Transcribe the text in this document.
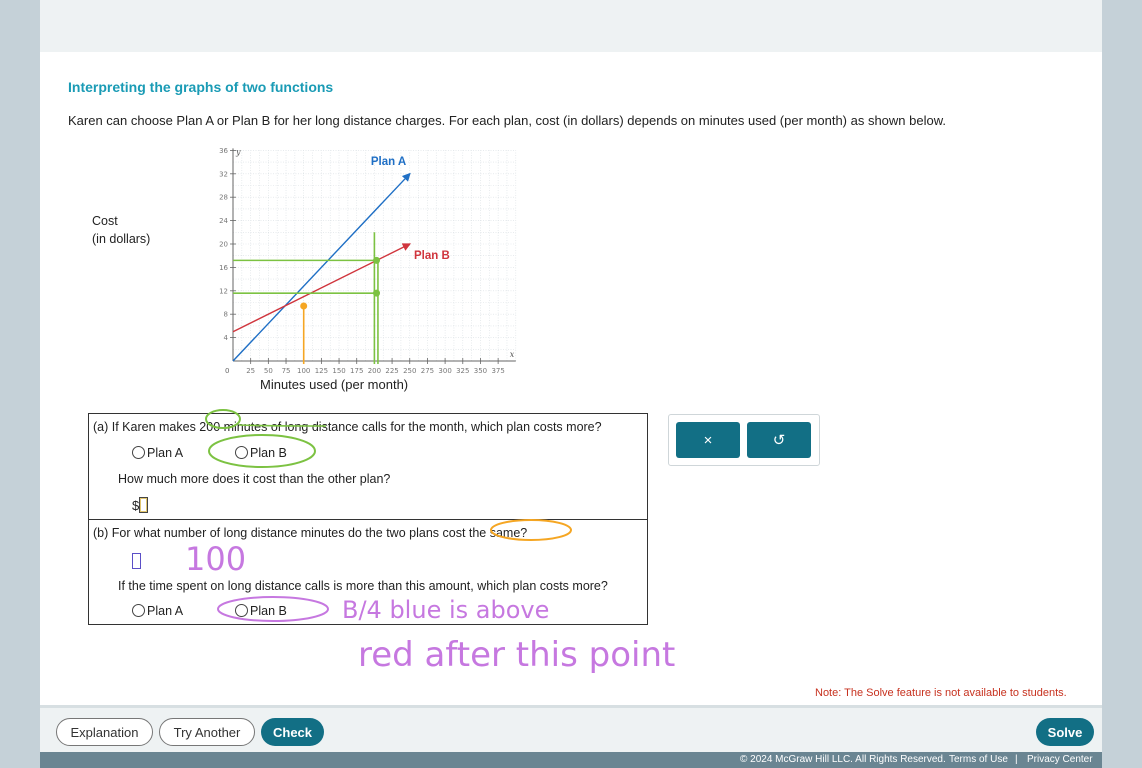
Interpreting the graphs of two functions
Karen can choose Plan A or Plan B for her long distance charges. For each plan, cost (in dollars) depends on minutes used (per month) as shown below.
Cost
(in dollars)
y
x
0
4
8
12
16
20
24
28
32
36
25 50 75 100 125 150 175 200 225 250 275 300 325 350 375
Plan A
Plan B
Minutes used (per month)
(a) If Karen makes 200 minutes of long distance calls for the month, which plan costs more?
Plan A	Plan B
How much more does it cost than the other plan?
$
(b) For what number of long distance minutes do the two plans cost the same?
If the time spent on long distance calls is more than this amount, which plan costs more?
Plan A	Plan B
×	↺
100
B/4 blue is above
red after this point
Note: The Solve feature is not available to students.
Explanation	Try Another	Check	Solve
© 2024 McGraw Hill LLC. All Rights Reserved. Terms of Use | Privacy Center
